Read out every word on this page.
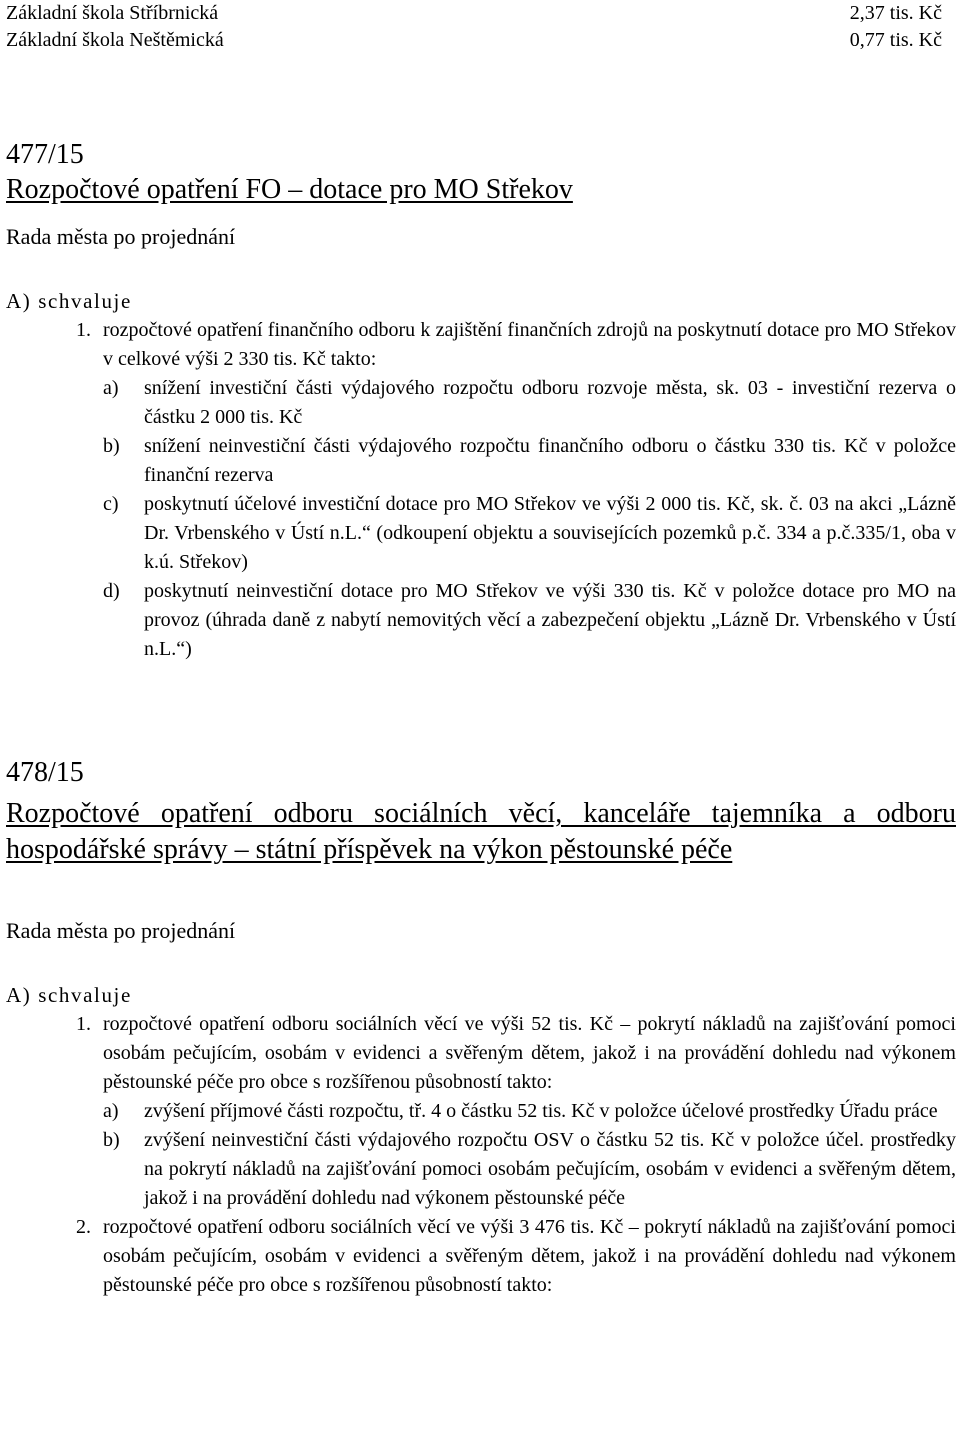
Základní škola Stříbrnická	2,37 tis. Kč
Základní škola Neštěmická	0,77 tis. Kč
477/15
Rozpočtové opatření FO – dotace pro MO Střekov
Rada města po projednání
A) schvaluje
1. rozpočtové opatření finančního odboru k zajištění finančních zdrojů na poskytnutí dotace pro MO Střekov v celkové výši 2 330 tis. Kč takto:
a) snížení investiční části výdajového rozpočtu odboru rozvoje města, sk. 03 - investiční rezerva o částku 2 000 tis. Kč
b) snížení neinvestiční části výdajového rozpočtu finančního odboru o částku 330 tis. Kč v položce finanční rezerva
c) poskytnutí účelové investiční dotace pro MO Střekov ve výši 2 000 tis. Kč, sk. č. 03 na akci „Lázně Dr. Vrbenského v Ústí n.L.“ (odkoupení objektu a souvisejících pozemků p.č. 334 a p.č.335/1, oba v k.ú. Střekov)
d) poskytnutí neinvestiční dotace pro MO Střekov ve výši 330 tis. Kč v položce dotace pro MO na provoz (úhrada daně z nabytí nemovitých věcí a zabezpečení objektu „Lázně Dr. Vrbenského v Ústí n.L.“)
478/15
Rozpočtové opatření odboru sociálních věcí, kanceláře tajemníka a odboru hospodářské správy – státní příspěvek na výkon pěstounské péče
Rada města po projednání
A) schvaluje
1. rozpočtové opatření odboru sociálních věcí ve výši 52 tis. Kč – pokrytí nákladů na zajišťování pomoci osobám pečujícím, osobám v evidenci a svěřeným dětem, jakož i na provádění dohledu nad výkonem pěstounské péče pro obce s rozšířenou působností takto:
a) zvýšení příjmové části rozpočtu, tř. 4 o částku 52 tis. Kč v položce účelové prostředky Úřadu práce
b) zvýšení neinvestiční části výdajového rozpočtu OSV o částku 52 tis. Kč v položce účel. prostředky na pokrytí nákladů na zajišťování pomoci osobám pečujícím, osobám v evidenci a svěřeným dětem, jakož i na provádění dohledu nad výkonem pěstounské péče
2. rozpočtové opatření odboru sociálních věcí ve výši 3 476 tis. Kč – pokrytí nákladů na zajišťování pomoci osobám pečujícím, osobám v evidenci a svěřeným dětem, jakož i na provádění dohledu nad výkonem pěstounské péče pro obce s rozšířenou působností takto:
